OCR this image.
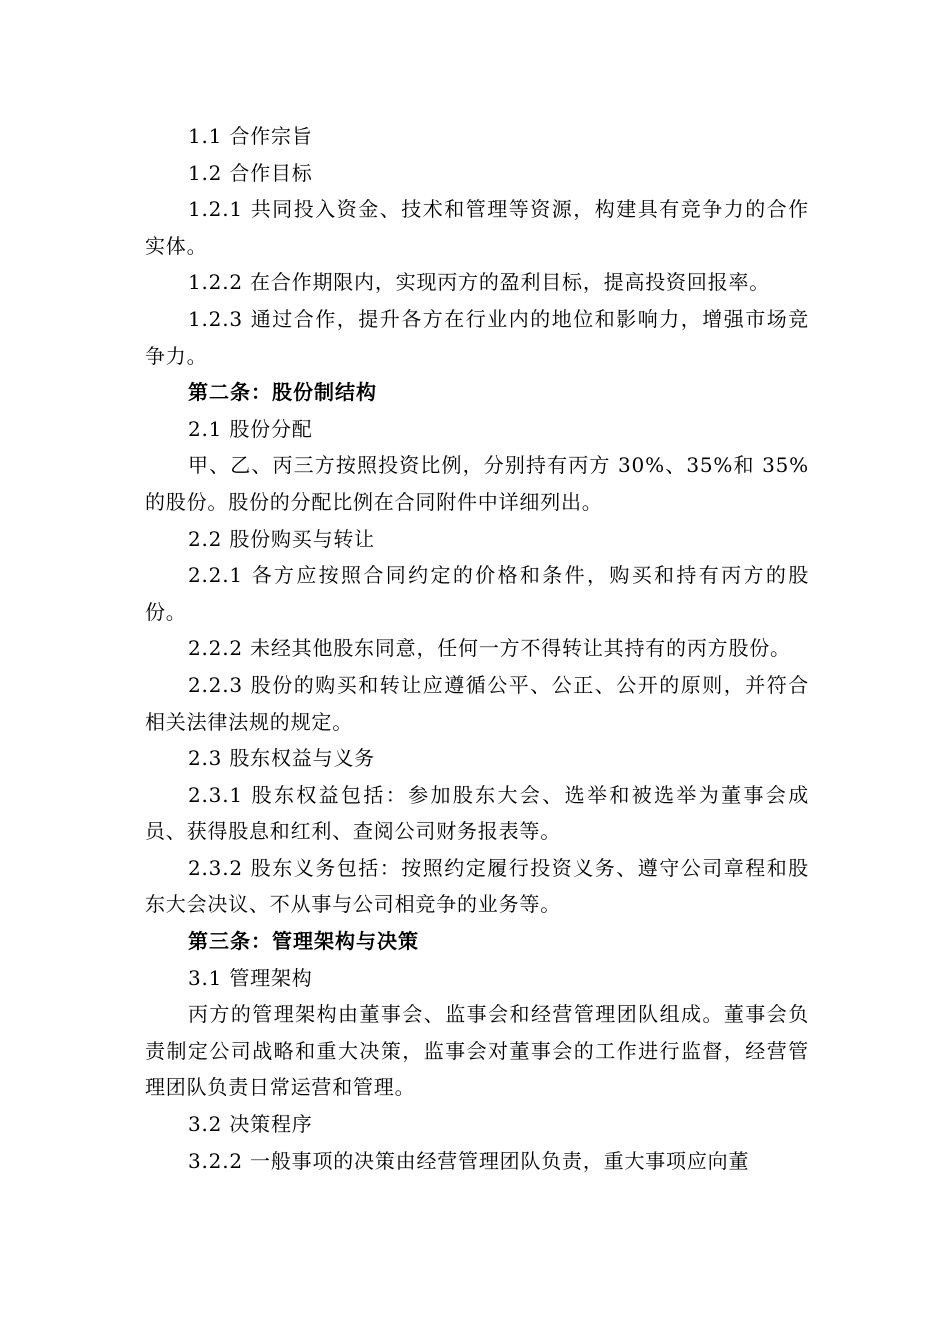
1.1 合作宗旨

1.2 合作目标

1.2.1 共同投入资金、技术和管理等资源，构建具有竞争力的合作实体。

1.2.2 在合作期限内，实现丙方的盈利目标，提高投资回报率。

1.2.3 通过合作，提升各方在行业内的地位和影响力，增强市场竞争力。

第二条：股份制结构

2.1 股份分配

甲、乙、丙三方按照投资比例，分别持有丙方 30%、35%和 35%的股份。股份的分配比例在合同附件中详细列出。

2.2 股份购买与转让

2.2.1 各方应按照合同约定的价格和条件，购买和持有丙方的股份。

2.2.2 未经其他股东同意，任何一方不得转让其持有的丙方股份。

2.2.3 股份的购买和转让应遵循公平、公正、公开的原则，并符合相关法律法规的规定。

2.3 股东权益与义务

2.3.1 股东权益包括：参加股东大会、选举和被选举为董事会成员、获得股息和红利、查阅公司财务报表等。

2.3.2 股东义务包括：按照约定履行投资义务、遵守公司章程和股东大会决议、不从事与公司相竞争的业务等。

第三条：管理架构与决策

3.1 管理架构

丙方的管理架构由董事会、监事会和经营管理团队组成。董事会负责制定公司战略和重大决策，监事会对董事会的工作进行监督，经营管理团队负责日常运营和管理。

3.2 决策程序

3.2.2 一般事项的决策由经营管理团队负责，重大事项应向董
